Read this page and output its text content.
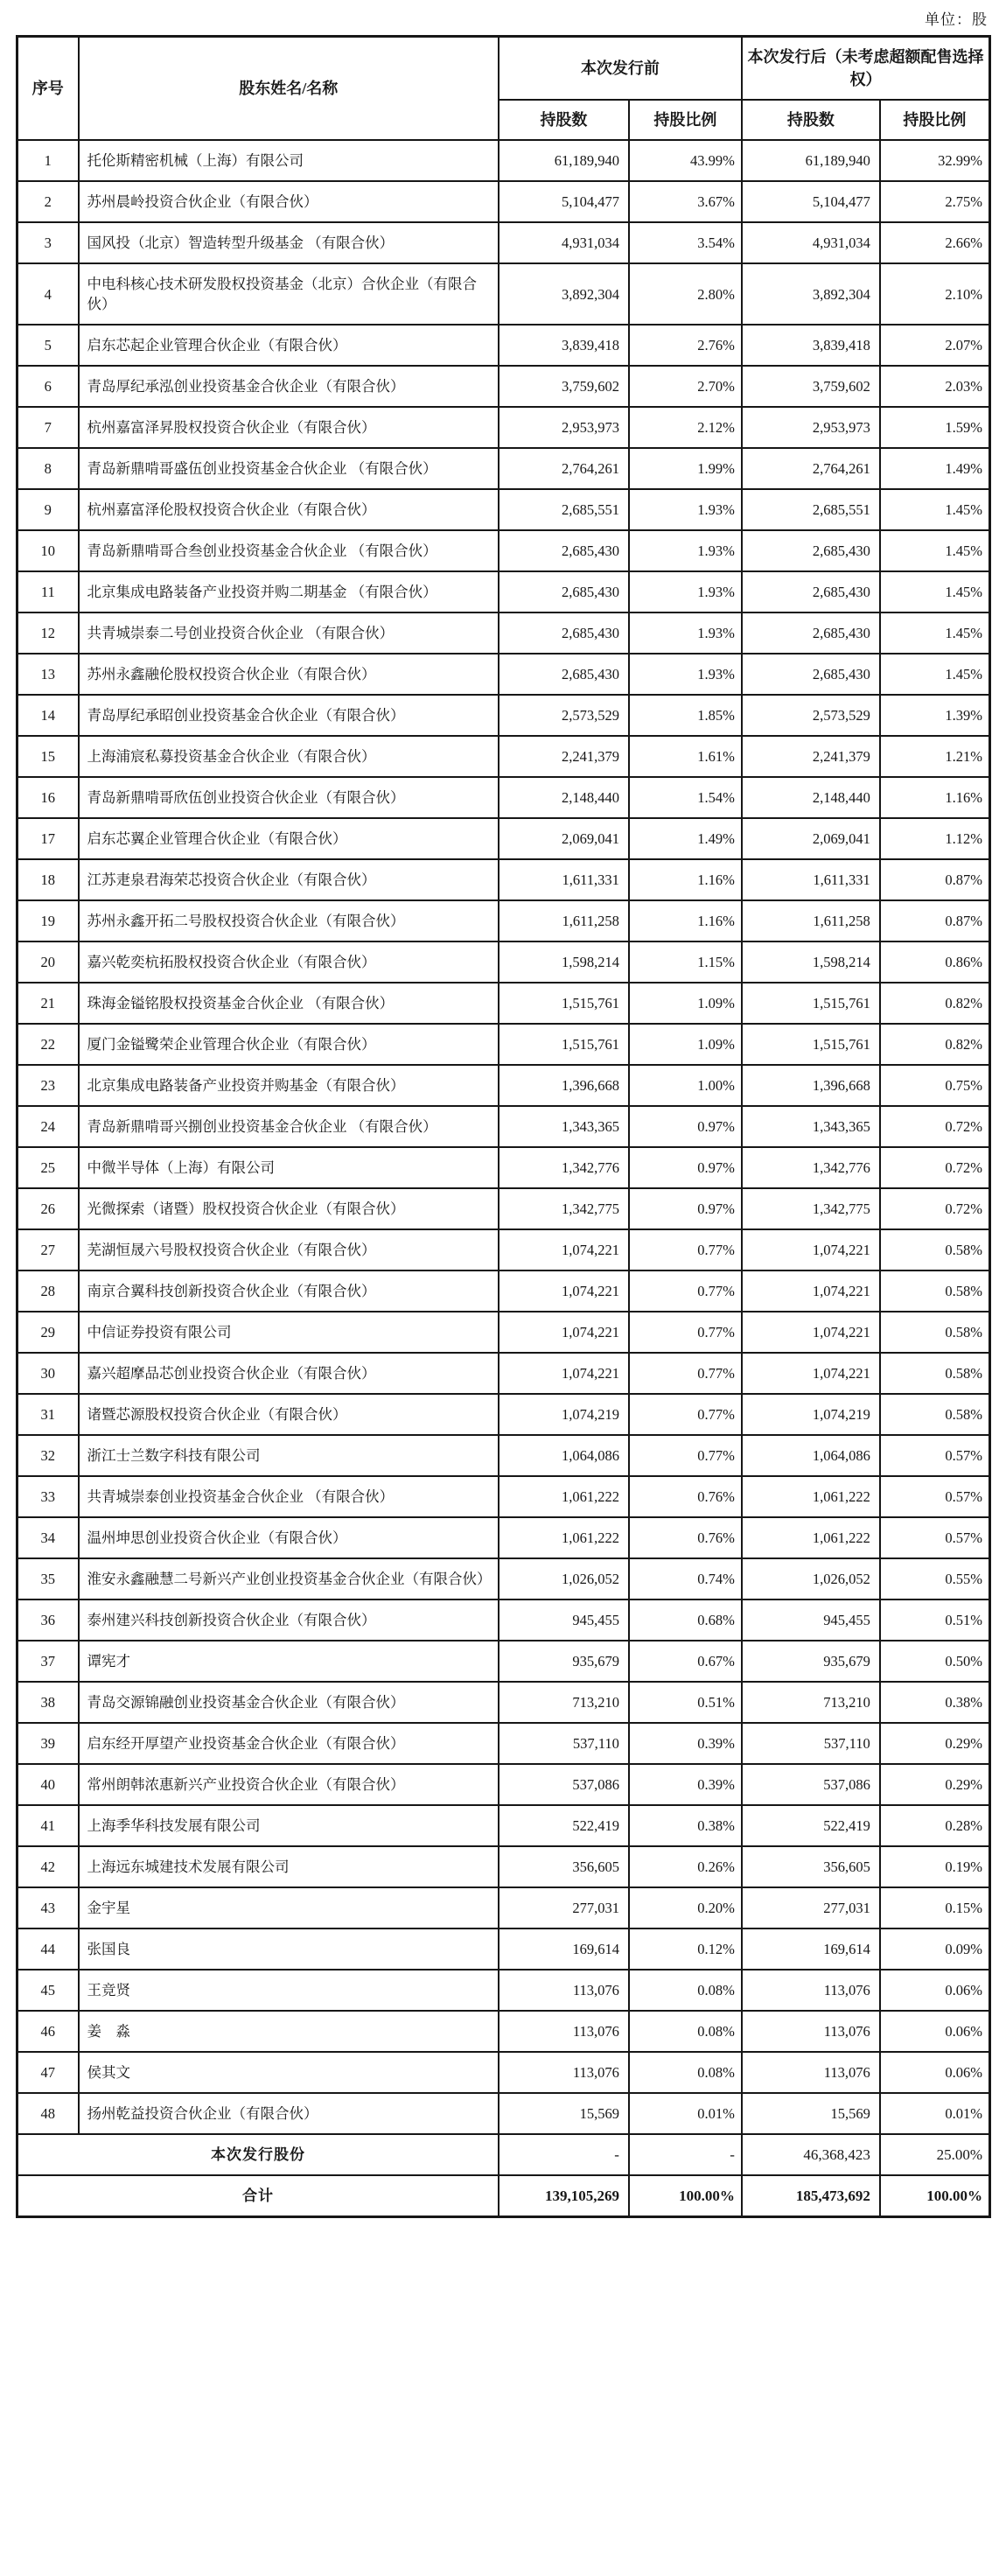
单位：股
序号	股东姓名/名称	本次发行前		本次发行后（未考虑超额配售选择权）	
		持股数	持股比例	持股数	持股比例
1	托伦斯精密机械（上海）有限公司	61,189,940	43.99%	61,189,940	32.99%
2	苏州晨岭投资合伙企业（有限合伙）	5,104,477	3.67%	5,104,477	2.75%
3	国风投（北京）智造转型升级基金 （有限合伙）	4,931,034	3.54%	4,931,034	2.66%
4	中电科核心技术研发股权投资基金（北京）合伙企业（有限合伙）	3,892,304	2.80%	3,892,304	2.10%
5	启东芯起企业管理合伙企业（有限合伙）	3,839,418	2.76%	3,839,418	2.07%
6	青岛厚纪承泓创业投资基金合伙企业（有限合伙）	3,759,602	2.70%	3,759,602	2.03%
7	杭州嘉富泽昇股权投资合伙企业（有限合伙）	2,953,973	2.12%	2,953,973	1.59%
8	青岛新鼎啃哥盛伍创业投资基金合伙企业 （有限合伙）	2,764,261	1.99%	2,764,261	1.49%
9	杭州嘉富泽伦股权投资合伙企业（有限合伙）	2,685,551	1.93%	2,685,551	1.45%
10	青岛新鼎啃哥合叁创业投资基金合伙企业 （有限合伙）	2,685,430	1.93%	2,685,430	1.45%
11	北京集成电路装备产业投资并购二期基金 （有限合伙）	2,685,430	1.93%	2,685,430	1.45%
12	共青城崇泰二号创业投资合伙企业 （有限合伙）	2,685,430	1.93%	2,685,430	1.45%
13	苏州永鑫融伦股权投资合伙企业（有限合伙）	2,685,430	1.93%	2,685,430	1.45%
14	青岛厚纪承昭创业投资基金合伙企业（有限合伙）	2,573,529	1.85%	2,573,529	1.39%
15	上海浦宸私募投资基金合伙企业（有限合伙）	2,241,379	1.61%	2,241,379	1.21%
16	青岛新鼎啃哥欣伍创业投资合伙企业（有限合伙）	2,148,440	1.54%	2,148,440	1.16%
17	启东芯翼企业管理合伙企业（有限合伙）	2,069,041	1.49%	2,069,041	1.12%
18	江苏疌泉君海荣芯投资合伙企业（有限合伙）	1,611,331	1.16%	1,611,331	0.87%
19	苏州永鑫开拓二号股权投资合伙企业（有限合伙）	1,611,258	1.16%	1,611,258	0.87%
20	嘉兴乾奕杭拓股权投资合伙企业（有限合伙）	1,598,214	1.15%	1,598,214	0.86%
21	珠海金镒铭股权投资基金合伙企业 （有限合伙）	1,515,761	1.09%	1,515,761	0.82%
22	厦门金镒鹭荣企业管理合伙企业（有限合伙）	1,515,761	1.09%	1,515,761	0.82%
23	北京集成电路装备产业投资并购基金（有限合伙）	1,396,668	1.00%	1,396,668	0.75%
24	青岛新鼎啃哥兴捌创业投资基金合伙企业 （有限合伙）	1,343,365	0.97%	1,343,365	0.72%
25	中微半导体（上海）有限公司	1,342,776	0.97%	1,342,776	0.72%
26	光微探索（诸暨）股权投资合伙企业（有限合伙）	1,342,775	0.97%	1,342,775	0.72%
27	芜湖恒晟六号股权投资合伙企业（有限合伙）	1,074,221	0.77%	1,074,221	0.58%
28	南京合翼科技创新投资合伙企业（有限合伙）	1,074,221	0.77%	1,074,221	0.58%
29	中信证券投资有限公司	1,074,221	0.77%	1,074,221	0.58%
30	嘉兴超摩品芯创业投资合伙企业（有限合伙）	1,074,221	0.77%	1,074,221	0.58%
31	诸暨芯源股权投资合伙企业（有限合伙）	1,074,219	0.77%	1,074,219	0.58%
32	浙江士兰数字科技有限公司	1,064,086	0.77%	1,064,086	0.57%
33	共青城崇泰创业投资基金合伙企业 （有限合伙）	1,061,222	0.76%	1,061,222	0.57%
34	温州坤思创业投资合伙企业（有限合伙）	1,061,222	0.76%	1,061,222	0.57%
35	淮安永鑫融慧二号新兴产业创业投资基金合伙企业（有限合伙）	1,026,052	0.74%	1,026,052	0.55%
36	泰州建兴科技创新投资合伙企业（有限合伙）	945,455	0.68%	945,455	0.51%
37	谭宪才	935,679	0.67%	935,679	0.50%
38	青岛交源锦融创业投资基金合伙企业（有限合伙）	713,210	0.51%	713,210	0.38%
39	启东经开厚望产业投资基金合伙企业（有限合伙）	537,110	0.39%	537,110	0.29%
40	常州朗韩浓惠新兴产业投资合伙企业（有限合伙）	537,086	0.39%	537,086	0.29%
41	上海季华科技发展有限公司	522,419	0.38%	522,419	0.28%
42	上海远东城建技术发展有限公司	356,605	0.26%	356,605	0.19%
43	金宇星	277,031	0.20%	277,031	0.15%
44	张国良	169,614	0.12%	169,614	0.09%
45	王竞贤	113,076	0.08%	113,076	0.06%
46	姜　淼	113,076	0.08%	113,076	0.06%
47	侯其文	113,076	0.08%	113,076	0.06%
48	扬州乾益投资合伙企业（有限合伙）	15,569	0.01%	15,569	0.01%
本次发行股份		-	-	46,368,423	25.00%
合计		139,105,269	100.00%	185,473,692	100.00%
